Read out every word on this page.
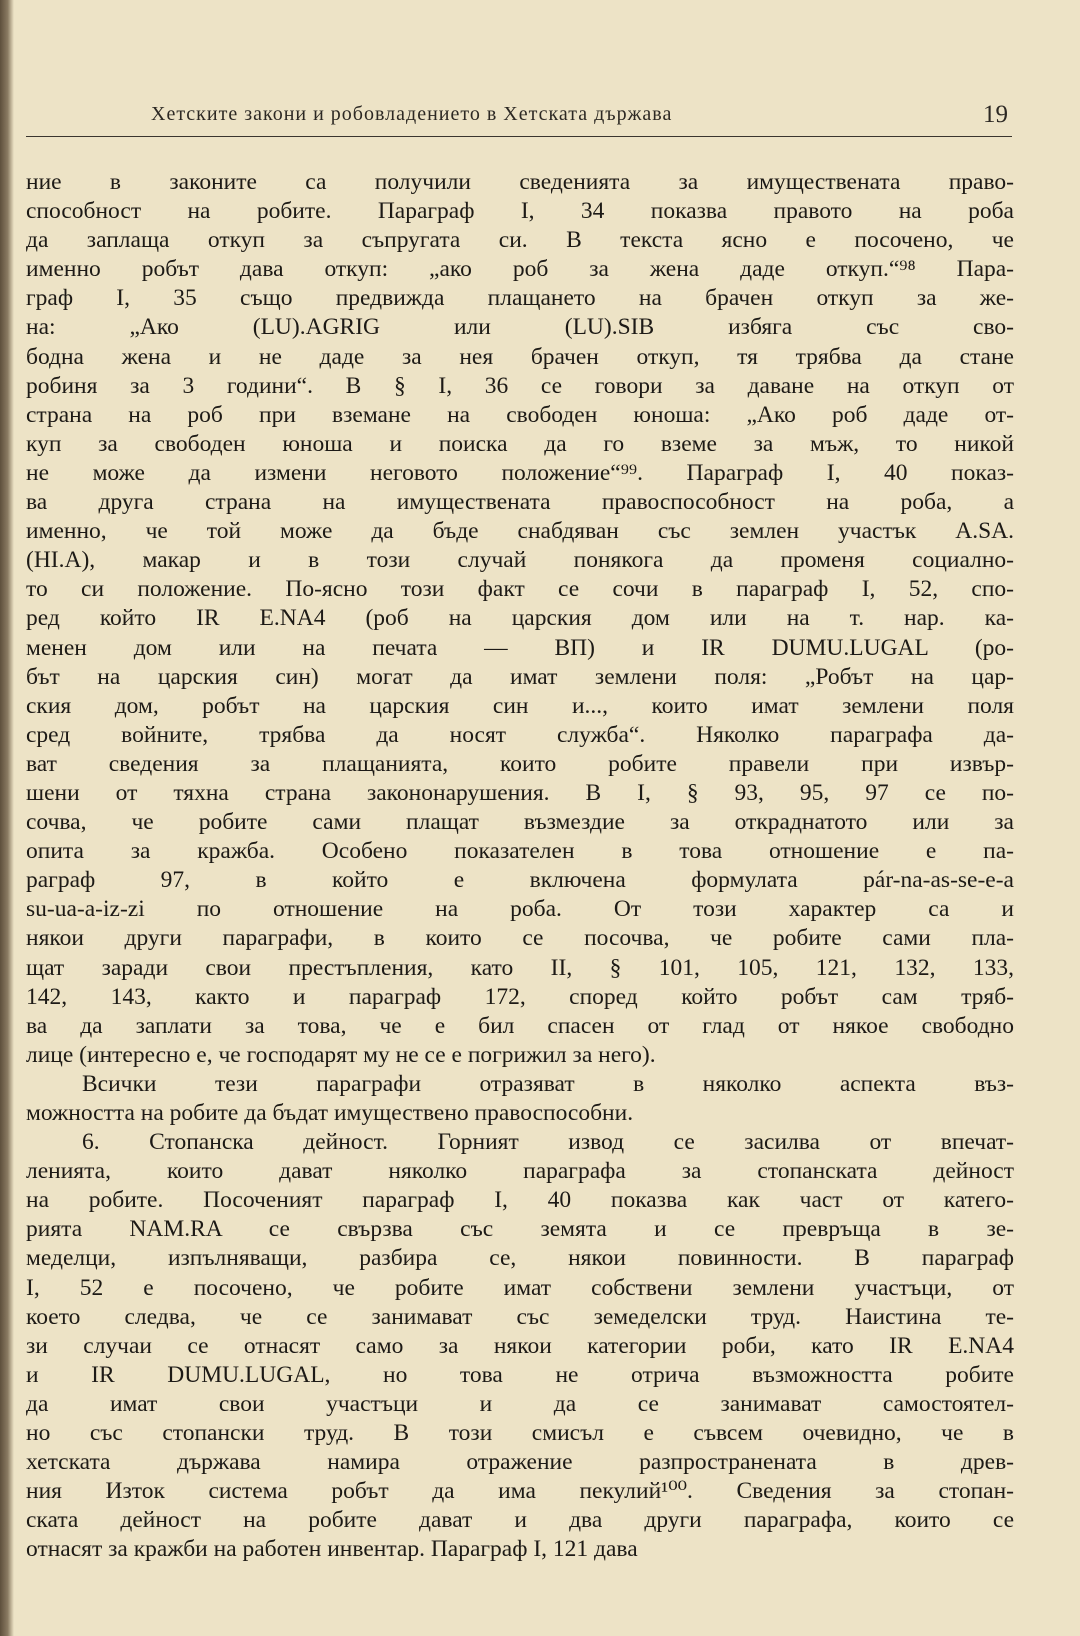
Хетските закони и робовладението в Хетската държава	19
ние в законите са получили сведенията за имуществената право-
способност на робите. Параграф I, 34 показва правото на роба
да заплаща откуп за съпругата си. В текста ясно е посочено, че
именно робът дава откуп: „ако роб за жена даде откуп.“⁹⁸ Пара-
граф I, 35 също предвижда плащането на брачен откуп за же-
на: „Ако (LU).AGRIG или (LU).SIB избяга със сво-
бодна жена и не даде за нея брачен откуп, тя трябва да стане
робиня за 3 години“. В § I, 36 се говори за даване на откуп от
страна на роб при вземане на свободен юноша: „Ако роб даде от-
куп за свободен юноша и поиска да го вземе за мъж, то никой
не може да измени неговото положение“⁹⁹. Параграф I, 40 показ-
ва друга страна на имуществената правоспособност на роба, а
именно, че той може да бъде снабдяван със землен участък A.SA.
(HI.A), макар и в този случай понякога да променя социално-
то си положение. По-ясно този факт се сочи в параграф I, 52, спо-
ред който IR E.NA4 (роб на царския дом или на т. нар. ка-
менен дом или на печата — ВП) и IR DUMU.LUGAL (ро-
бът на царския син) могат да имат землени поля: „Робът на цар-
ския дом, робът на царския син и..., които имат землени поля
сред войните, трябва да носят служба“. Няколко параграфа да-
ват сведения за плащанията, които робите правели при извър-
шени от тяхна страна закононарушения. В I, § 93, 95, 97 се по-
сочва, че робите сами плащат възмездие за откраднатото или за
опита за кражба. Особено показателен в това отношение е па-
раграф 97, в който е включена формулата pár-na-as-se-e-a
su-ua-a-iz-zi по отношение на роба. От този характер са и
някои други параграфи, в които се посочва, че робите сами пла-
щат заради свои престъпления, като II, § 101, 105, 121, 132, 133,
142, 143, както и параграф 172, според който робът сам тряб-
ва да заплати за това, че е бил спасен от глад от някое свободно
лице (интересно е, че господарят му не се е погрижил за него).
Всички тези параграфи отразяват в няколко аспекта въз-
можността на робите да бъдат имуществено правоспособни.
6. Стопанска дейност. Горният извод се засилва от впечат-
ленията, които дават няколко параграфа за стопанската дейност
на робите. Посоченият параграф I, 40 показва как част от катего-
рията NAM.RA се свързва със земята и се превръща в зе-
меделци, изпълняващи, разбира се, някои повинности. В параграф
I, 52 е посочено, че робите имат собствени землени участъци, от
което следва, че се занимават със земеделски труд. Наистина те-
зи случаи се отнасят само за някои категории роби, като IR E.NA4
и IR DUMU.LUGAL, но това не отрича възможността робите
да имат свои участъци и да се занимават самостоятел-
но със стопански труд. В този смисъл е съвсем очевидно, че в
хетската държава намира отражение разпространената в древ-
ния Изток система робът да има пекулий¹⁰⁰. Сведения за стопан-
ската дейност на робите дават и два други параграфа, които се
отнасят за кражби на работен инвентар. Параграф I, 121 дава
